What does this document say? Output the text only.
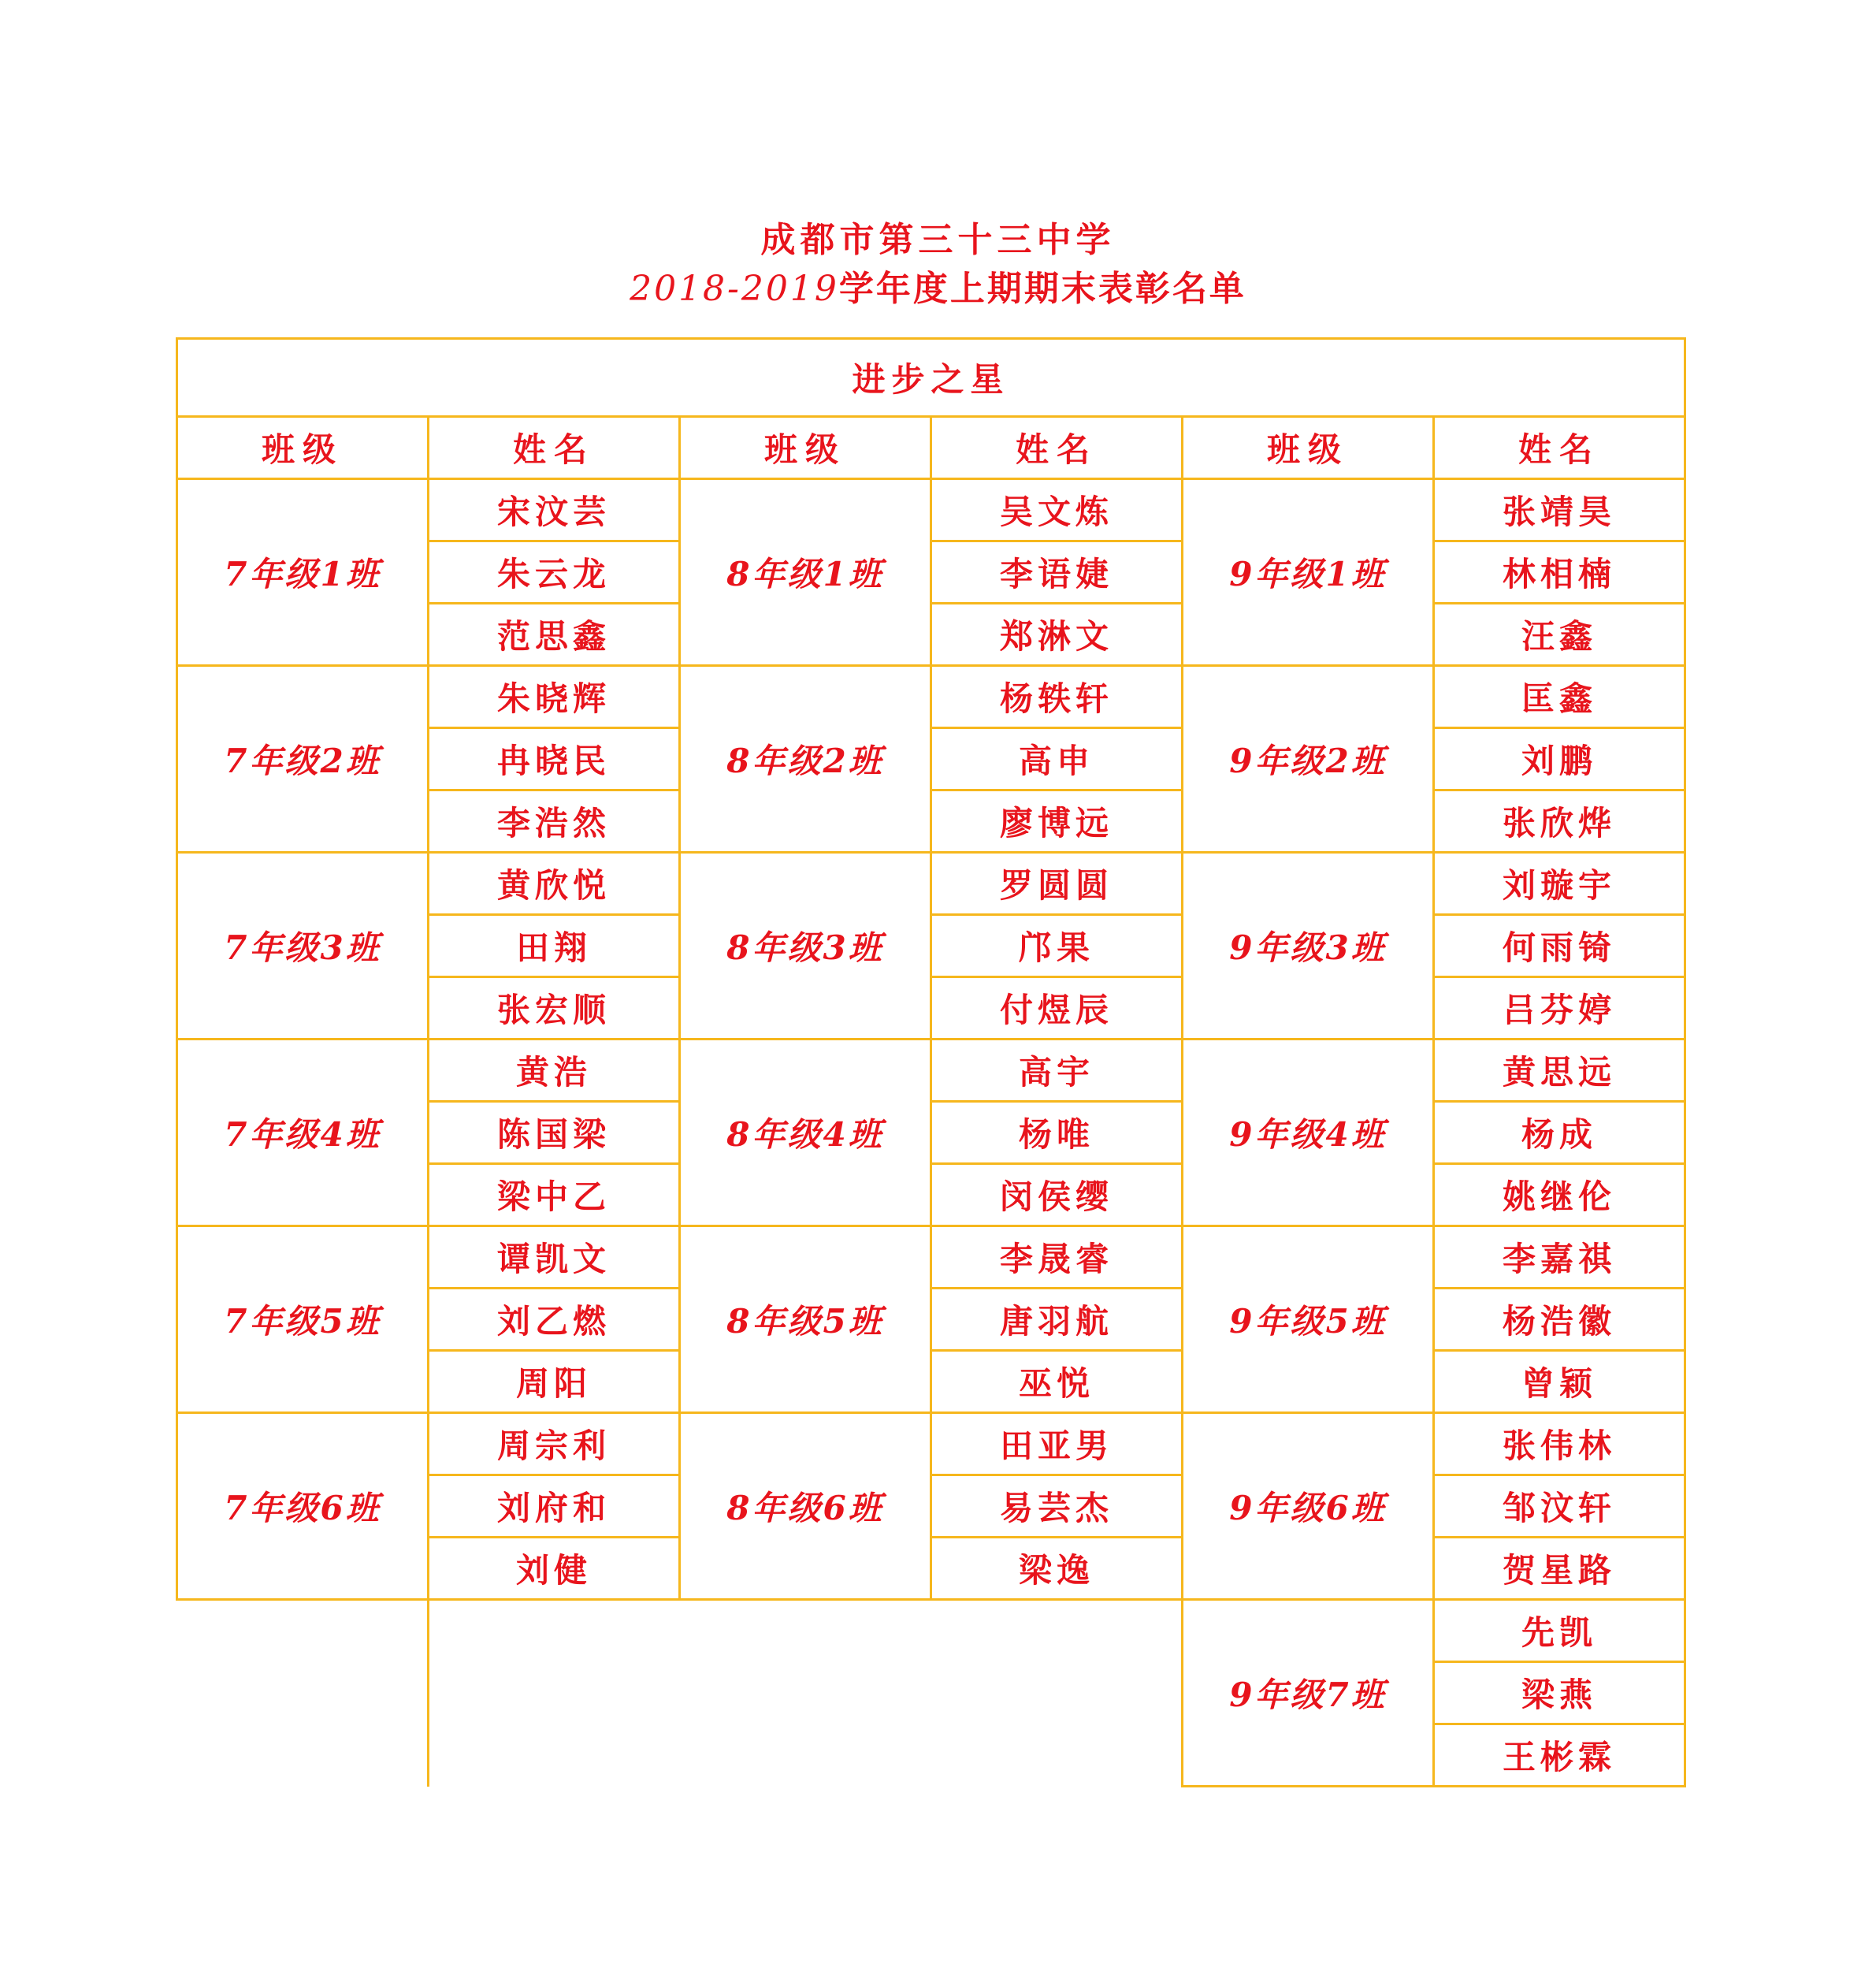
成都市第三十三中学
2018-2019学年度上期期末表彰名单
进步之星					
班级	姓名	班级	姓名	班级	姓名
7年级1班	宋汶芸	8年级1班	吴文炼	9年级1班	张靖昊
	朱云龙		李语婕		林相楠
	范思鑫		郑淋文		汪鑫
7年级2班	朱晓辉	8年级2班	杨轶轩	9年级2班	匡鑫
	冉晓民		高申		刘鹏
	李浩然		廖博远		张欣烨
7年级3班	黄欣悦	8年级3班	罗圆圆	9年级3班	刘璇宇
	田翔		邝果		何雨锜
	张宏顺		付煜辰		吕芬婷
7年级4班	黄浩	8年级4班	高宇	9年级4班	黄思远
	陈国梁		杨唯		杨成
	梁中乙		闵侯缨		姚继伦
7年级5班	谭凯文	8年级5班	李晟睿	9年级5班	李嘉祺
	刘乙燃		唐羽航		杨浩徽
	周阳		巫悦		曾颖
7年级6班	周宗利	8年级6班	田亚男	9年级6班	张伟林
	刘府和		易芸杰		邹汶轩
	刘健		梁逸		贺星路
				9年级7班	先凯
					梁燕
					王彬霖
